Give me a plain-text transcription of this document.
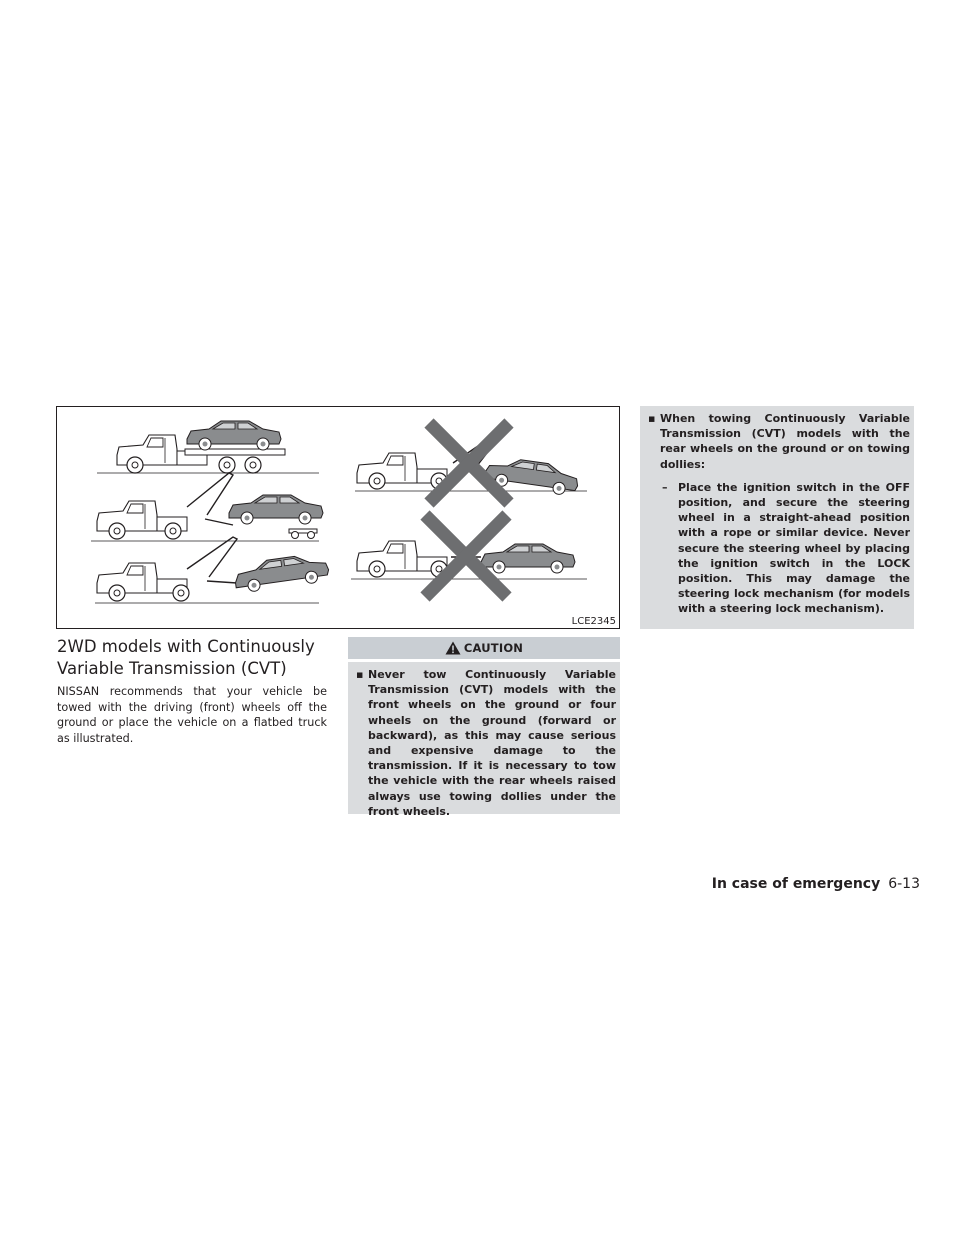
LCE2345
2WD models with Continuously Variable Transmission (CVT)

NISSAN recommends that your vehicle be towed with the driving (front) wheels off the ground or place the vehicle on a flatbed truck as illustrated.

CAUTION
▪ Never tow Continuously Variable Transmission (CVT) models with the front wheels on the ground or four wheels on the ground (forward or backward), as this may cause serious and expensive damage to the transmission. If it is necessary to tow the vehicle with the rear wheels raised always use towing dollies under the front wheels.
▪ When towing Continuously Variable Transmission (CVT) models with the rear wheels on the ground or on towing dollies:
– Place the ignition switch in the OFF position, and secure the steering wheel in a straight-ahead position with a rope or similar device. Never secure the steering wheel by placing the ignition switch in the LOCK position. This may damage the steering lock mechanism (for models with a steering lock mechanism).
In case of emergency 6-13
